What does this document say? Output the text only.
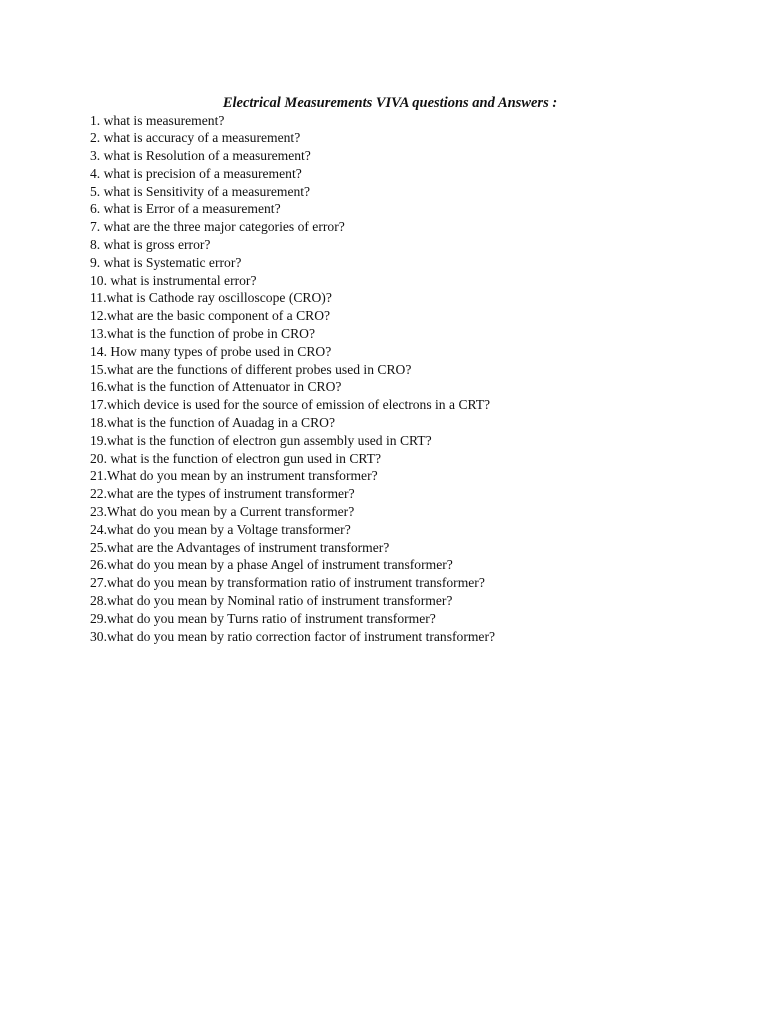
Electrical Measurements VIVA questions and Answers :
1. what is measurement?
2. what is accuracy of a measurement?
3. what is Resolution of a measurement?
4. what is precision of a measurement?
5. what is Sensitivity of a measurement?
6. what is Error of a measurement?
7. what are the three major categories of error?
8. what is gross error?
9. what is Systematic error?
10. what is instrumental error?
11.what is Cathode ray oscilloscope (CRO)?
12.what are the basic component of a CRO?
13.what is the function of probe in CRO?
14. How many types of probe used in CRO?
15.what are the functions of different probes used in CRO?
16.what is the function of Attenuator in CRO?
17.which device is used for the source of emission of electrons in a CRT?
18.what is the function of Auadag in a CRO?
19.what is the function of electron gun assembly used in CRT?
20. what is the function of electron gun used in CRT?
21.What do you mean by an instrument transformer?
22.what are the types of instrument transformer?
23.What do you mean by a Current transformer?
24.what do you mean by a Voltage transformer?
25.what are the Advantages of instrument transformer?
26.what do you mean by a phase Angel of instrument transformer?
27.what do you mean by transformation ratio of instrument transformer?
28.what do you mean by Nominal ratio of instrument transformer?
29.what do you mean by Turns ratio of instrument transformer?
30.what do you mean by ratio correction factor of instrument transformer?
